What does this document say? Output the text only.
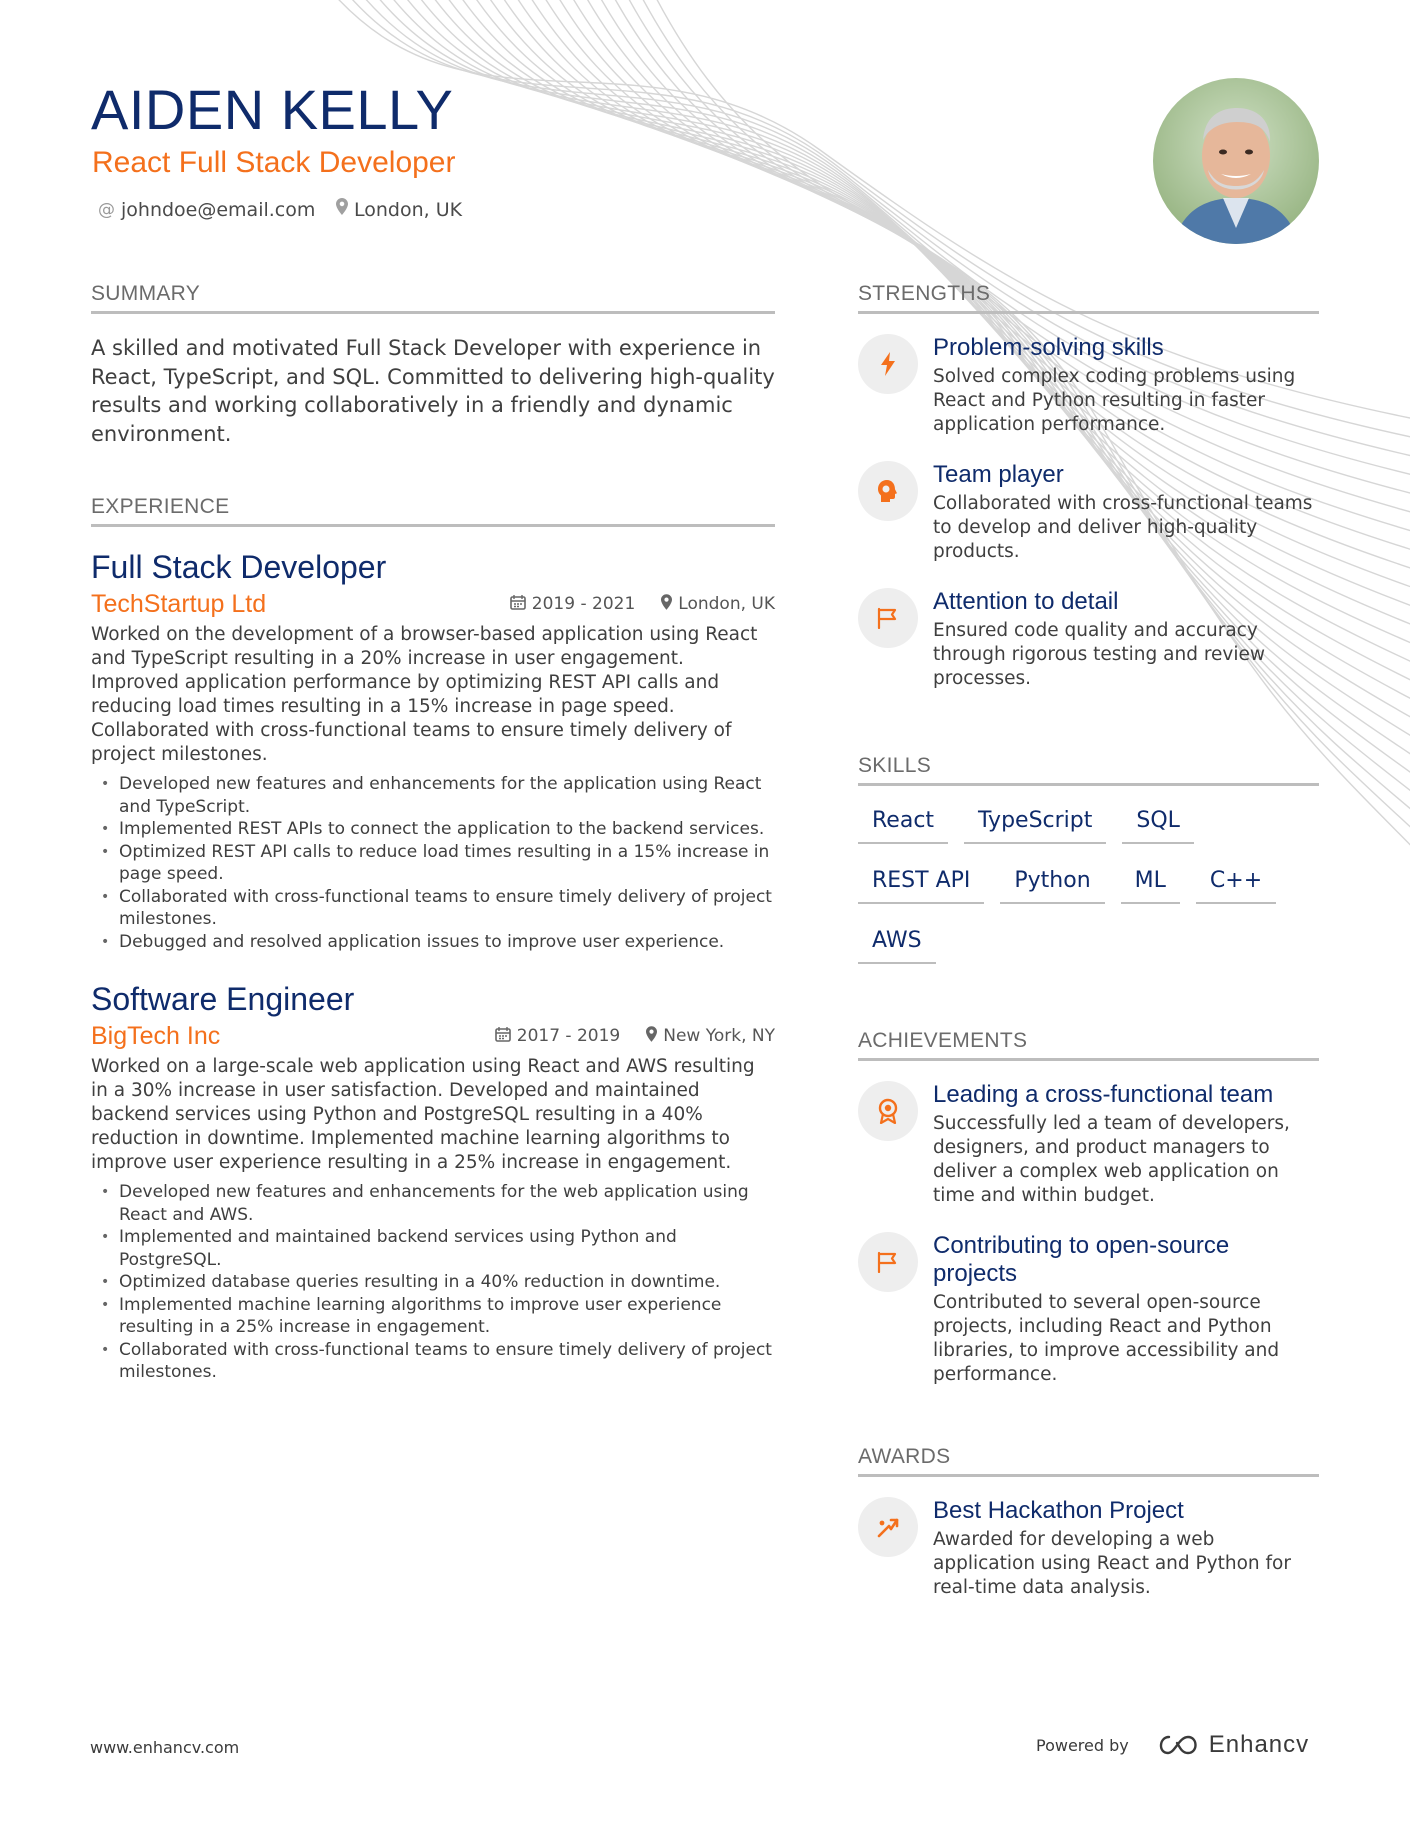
AIDEN KELLY
React Full Stack Developer
@ johndoe@email.com London, UK
SUMMARY

A skilled and motivated Full Stack Developer with experience in React, TypeScript, and SQL. Committed to delivering high-quality results and working collaboratively in a friendly and dynamic environment.

EXPERIENCE
Full Stack Developer
TechStartup Ltd	2019 - 2021	London, UK

Worked on the development of a browser-based application using React and TypeScript resulting in a 20% increase in user engagement. Improved application performance by optimizing REST API calls and reducing load times resulting in a 15% increase in page speed. Collaborated with cross-functional teams to ensure timely delivery of project milestones.

• Developed new features and enhancements for the application using React and TypeScript.
• Implemented REST APIs to connect the application to the backend services.
• Optimized REST API calls to reduce load times resulting in a 15% increase in page speed.
• Collaborated with cross-functional teams to ensure timely delivery of project milestones.
• Debugged and resolved application issues to improve user experience.
Software Engineer
BigTech Inc	2017 - 2019	New York, NY

Worked on a large-scale web application using React and AWS resulting in a 30% increase in user satisfaction. Developed and maintained backend services using Python and PostgreSQL resulting in a 40% reduction in downtime. Implemented machine learning algorithms to improve user experience resulting in a 25% increase in engagement.

• Developed new features and enhancements for the web application using React and AWS.
• Implemented and maintained backend services using Python and PostgreSQL.
• Optimized database queries resulting in a 40% reduction in downtime.
• Implemented machine learning algorithms to improve user experience resulting in a 25% increase in engagement.
• Collaborated with cross-functional teams to ensure timely delivery of project milestones.
STRENGTHS
Problem-solving skills
Solved complex coding problems using React and Python resulting in faster application performance.
Team player
Collaborated with cross-functional teams to develop and deliver high-quality products.
Attention to detail
Ensured code quality and accuracy through rigorous testing and review processes.
SKILLS
React	TypeScript	SQL
REST API	Python	ML	C++
AWS
ACHIEVEMENTS
Leading a cross-functional team
Successfully led a team of developers, designers, and product managers to deliver a complex web application on time and within budget.
Contributing to open-source projects
Contributed to several open-source projects, including React and Python libraries, to improve accessibility and performance.
AWARDS
Best Hackathon Project
Awarded for developing a web application using React and Python for real-time data analysis.
www.enhancv.com	Powered by	Enhancv
